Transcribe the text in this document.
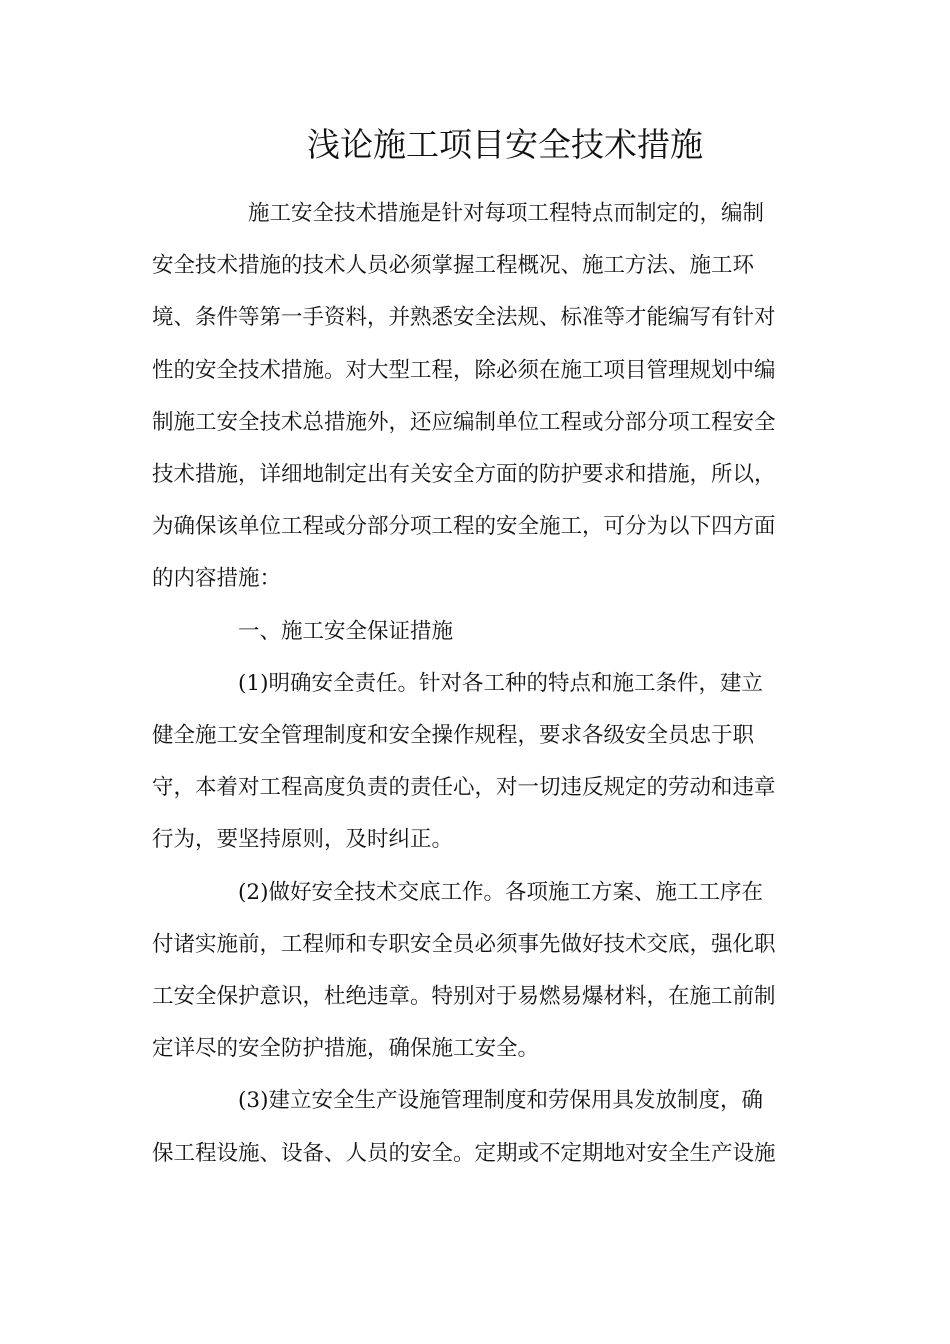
浅论施工项目安全技术措施

施工安全技术措施是针对每项工程特点而制定的，编制
安全技术措施的技术人员必须掌握工程概况、施工方法、施工环
境、条件等第一手资料，并熟悉安全法规、标准等才能编写有针对
性的安全技术措施。对大型工程，除必须在施工项目管理规划中编
制施工安全技术总措施外，还应编制单位工程或分部分项工程安全
技术措施，详细地制定出有关安全方面的防护要求和措施，所以，
为确保该单位工程或分部分项工程的安全施工，可分为以下四方面
的内容措施：

一、施工安全保证措施

(1)明确安全责任。针对各工种的特点和施工条件，建立
健全施工安全管理制度和安全操作规程，要求各级安全员忠于职
守，本着对工程高度负责的责任心，对一切违反规定的劳动和违章
行为，要坚持原则，及时纠正。

(2)做好安全技术交底工作。各项施工方案、施工工序在
付诸实施前，工程师和专职安全员必须事先做好技术交底，强化职
工安全保护意识，杜绝违章。特别对于易燃易爆材料，在施工前制
定详尽的安全防护措施，确保施工安全。

(3)建立安全生产设施管理制度和劳保用具发放制度，确
保工程设施、设备、人员的安全。定期或不定期地对安全生产设施
